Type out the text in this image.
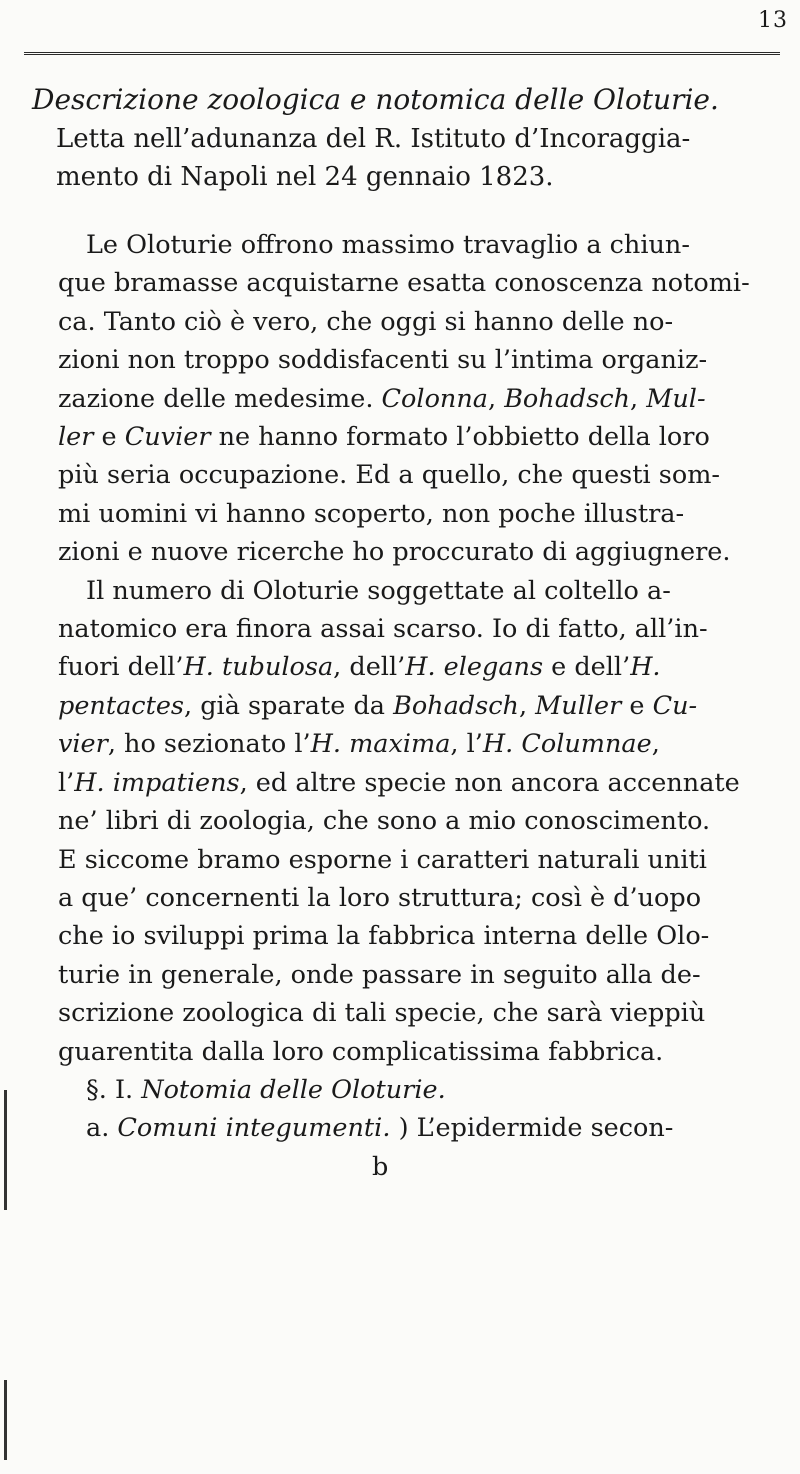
13
Descrizione zoologica e notomica delle Oloturie.
Letta nell’adunanza del R. Istituto d’Incoraggia-
mento di Napoli nel 24 gennaio 1823.
Le Oloturie offrono massimo travaglio a chiun-
que bramasse acquistarne esatta conoscenza notomi-
ca. Tanto ciò è vero, che oggi si hanno delle no-
zioni non troppo soddisfacenti su l’intima organiz-
zazione delle medesime. Colonna, Bohadsch, Mul-
ler e Cuvier ne hanno formato l’obbietto della loro
più seria occupazione. Ed a quello, che questi som-
mi uomini vi hanno scoperto, non poche illustra-
zioni e nuove ricerche ho proccurato di aggiugnere.
Il numero di Oloturie soggettate al coltello a-
natomico era finora assai scarso. Io di fatto, all’in-
fuori dell’H. tubulosa, dell’H. elegans e dell’H.
pentactes, già sparate da Bohadsch, Muller e Cu-
vier, ho sezionato l’H. maxima, l’H. Columnae,
l’H. impatiens, ed altre specie non ancora accennate
ne’ libri di zoologia, che sono a mio conoscimento.
E siccome bramo esporne i caratteri naturali uniti
a que’ concernenti la loro struttura; così è d’uopo
che io sviluppi prima la fabbrica interna delle Olo-
turie in generale, onde passare in seguito alla de-
scrizione zoologica di tali specie, che sarà vieppiù
guarentita dalla loro complicatissima fabbrica.
§. I. Notomia delle Oloturie.
a. Comuni integumenti. ) L’epidermide secon-
b
